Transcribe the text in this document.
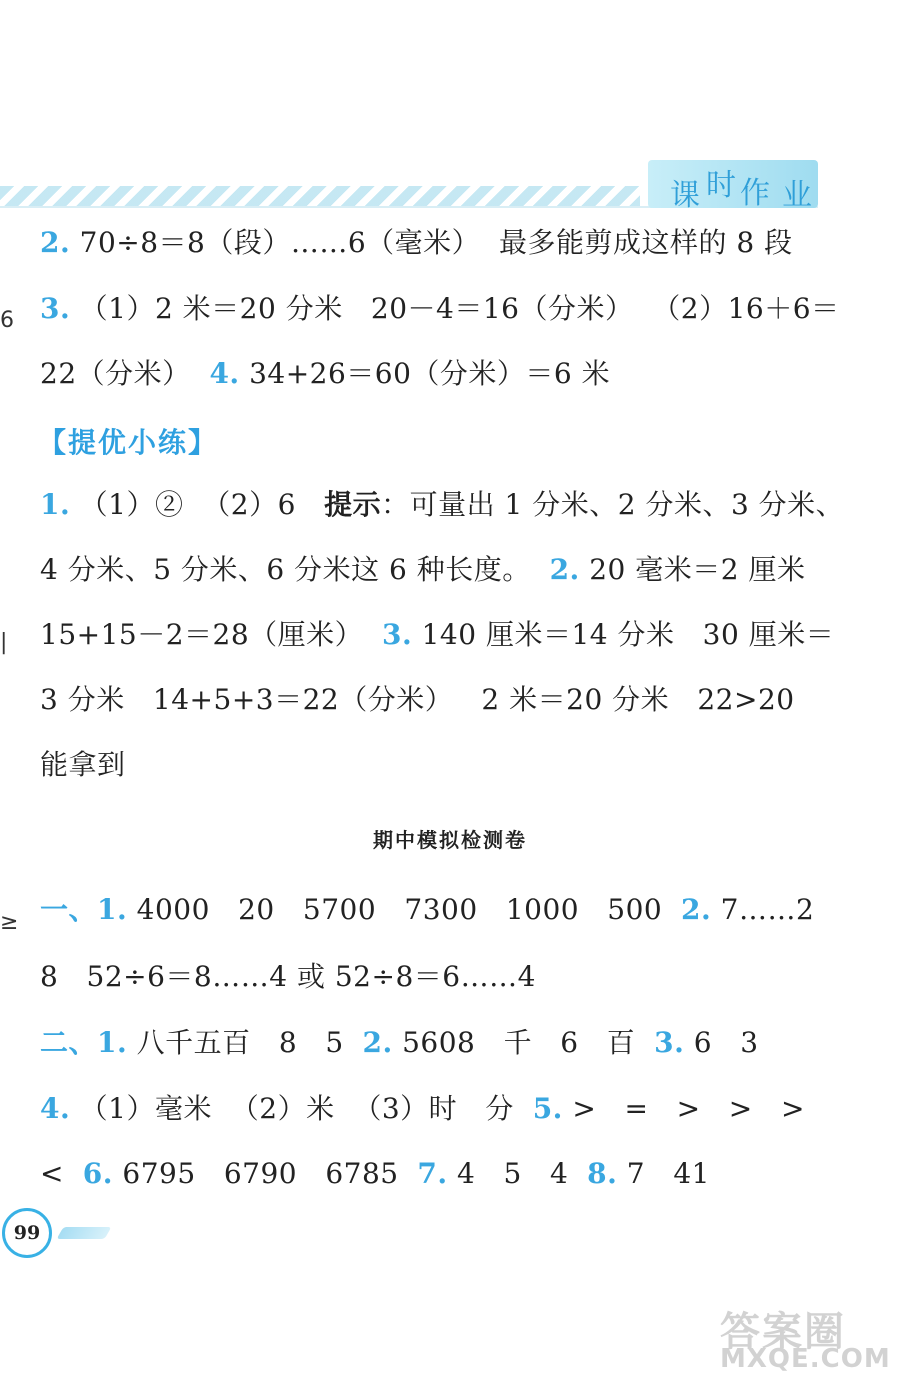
课 时 作 业
6
|
≥
2. 70÷8＝8（段）……6（毫米）  最多能剪成这样的 8 段
3. （1）2 米＝20 分米   20－4＝16（分米）  （2）16＋6＝
22（分米）  4. 34+26＝60（分米）＝6 米
【提优小练】
1. （1）②  （2）6   提示：可量出 1 分米、2 分米、3 分米、
4 分米、5 分米、6 分米这 6 种长度。  2. 20 毫米＝2 厘米
15+15－2＝28（厘米）  3. 140 厘米＝14 分米   30 厘米＝
3 分米   14+5+3＝22（分米）   2 米＝20 分米   22>20
能拿到
期中模拟检测卷
一、1. 4000   20   5700   7300   1000   500  2. 7……2
8   52÷6＝8……4 或 52÷8＝6……4
二、1. 八千五百   8   5  2. 5608   千   6   百  3. 6   3
4. （1）毫米  （2）米  （3）时   分  5. >   =   >   >   >
<  6. 6795   6790   6785  7. 4   5   4  8. 7   41
99
答案圈
MXQE.COM
